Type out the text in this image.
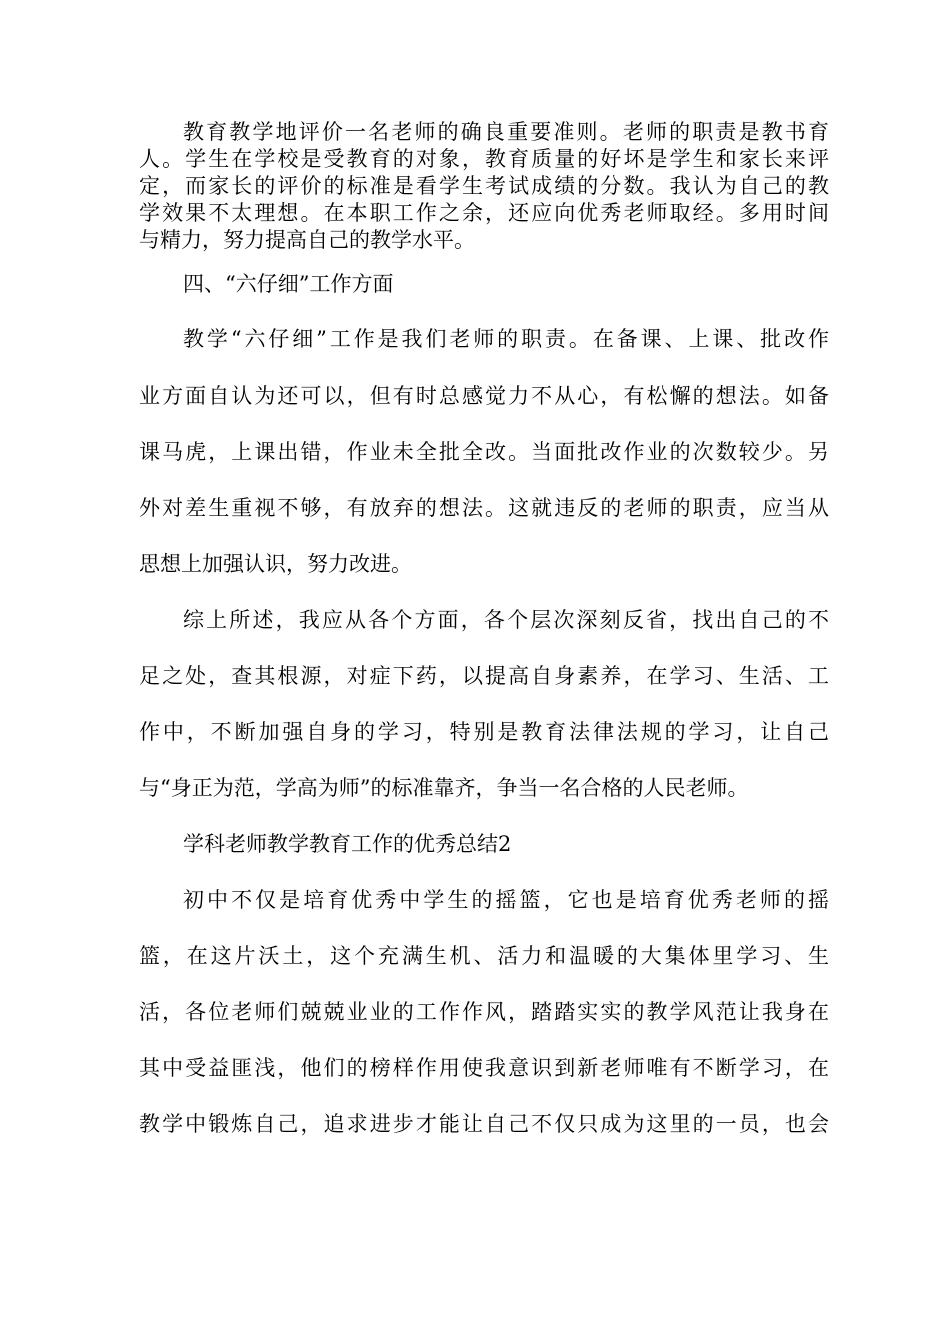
教育教学地评价一名老师的确良重要准则。老师的职责是教书育
人。学生在学校是受教育的对象，教育质量的好坏是学生和家长来评
定，而家长的评价的标准是看学生考试成绩的分数。我认为自己的教
学效果不太理想。在本职工作之余，还应向优秀老师取经。多用时间
与精力，努力提高自己的教学水平。
四、“六仔细”工作方面
教学“六仔细”工作是我们老师的职责。在备课、上课、批改作
业方面自认为还可以，但有时总感觉力不从心，有松懈的想法。如备
课马虎，上课出错，作业未全批全改。当面批改作业的次数较少。另
外对差生重视不够，有放弃的想法。这就违反的老师的职责，应当从
思想上加强认识，努力改进。
综上所述，我应从各个方面，各个层次深刻反省，找出自己的不
足之处，查其根源，对症下药，以提高自身素养，在学习、生活、工
作中，不断加强自身的学习，特别是教育法律法规的学习，让自己
与“身正为范，学高为师”的标准靠齐，争当一名合格的人民老师。
学科老师教学教育工作的优秀总结2
初中不仅是培育优秀中学生的摇篮，它也是培育优秀老师的摇
篮，在这片沃土，这个充满生机、活力和温暖的大集体里学习、生
活，各位老师们兢兢业业的工作作风，踏踏实实的教学风范让我身在
其中受益匪浅，他们的榜样作用使我意识到新老师唯有不断学习，在
教学中锻炼自己，追求进步才能让自己不仅只成为这里的一员，也会
